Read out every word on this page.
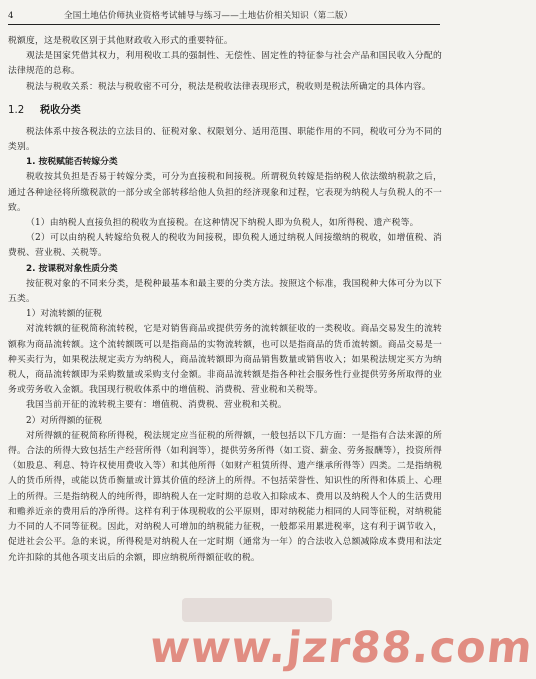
4	全国土地估价师执业资格考试辅导与练习——土地估价相关知识（第二版）

税额度，这是税收区别于其他财政收入形式的重要特征。

观法是国家凭借其权力，利用税收工具的强制性、无偿性、固定性的特征参与社会产品和国民收入分配的法律规范的总称。

税法与税收关系：税法与税收密不可分，税法是税收法律表现形式，税收则是税法所确定的具体内容。

1.2 税收分类

税法体系中按各税法的立法目的、征税对象、权限划分、适用范围、职能作用的不同，税收可分为不同的类别。

1. 按税赋能否转嫁分类

税收按其负担是否易于转嫁分类，可分为直接税和间接税。所谓税负转嫁是指纳税人依法缴纳税款之后，通过各种途径将所缴税款的一部分或全部转移给他人负担的经济现象和过程，它表现为纳税人与负税人的不一致。

（1）由纳税人直接负担的税收为直接税。在这种情况下纳税人即为负税人，如所得税、遗产税等。

（2）可以由纳税人转嫁给负税人的税收为间接税，即负税人通过纳税人间接缴纳的税收，如增值税、消费税、营业税、关税等。

2. 按课税对象性质分类

按征税对象的不同来分类，是税种最基本和最主要的分类方法。按照这个标准，我国税种大体可分为以下五类。

1）对流转额的征税

对流转额的征税简称流转税，它是对销售商品或提供劳务的流转额征收的一类税收。商品交易发生的流转额称为商品流转额。这个流转额既可以是指商品的实物流转额，也可以是指商品的货币流转额。商品交易是一种买卖行为，如果税法规定卖方为纳税人，商品流转额即为商品销售数量或销售收入；如果税法规定买方为纳税人，商品流转额即为采购数量或采购支付金额。非商品流转额是指各种社会服务性行业提供劳务所取得的业务或劳务收入金额。我国现行税收体系中的增值税、消费税、营业税和关税等。

我国当前开征的流转税主要有：增值税、消费税、营业税和关税。

2）对所得额的征税

对所得额的征税简称所得税，税法规定应当征税的所得额，一般包括以下几方面：一是指有合法来源的所得。合法的所得大致包括生产经营所得（如利润等），提供劳务所得（如工资、薪金、劳务报酬等），投资所得（如股息、利息、特许权使用费收入等）和其他所得（如财产租赁所得、遗产继承所得等）四类。二是指纳税人的货币所得，或能以货币衡量或计算其价值的经济上的所得。不包括荣誉性、知识性的所得和体质上、心理上的所得。三是指纳税人的纯所得，即纳税人在一定时期的总收入扣除成本、费用以及纳税人个人的生活费用和赡养近亲的费用后的净所得。这样有利于体现税收的公平原则，即对纳税能力相同的人同等征税，对纳税能力不同的人不同等征税。因此，对纳税人可增加的纳税能力征税，一般都采用累进税率，这有利于调节收入，促进社会公平。急的来说，所得税是对纳税人在一定时期（通常为一年）的合法收入总额减除成本费用和法定允许扣除的其他各项支出后的余额，即应纳税所得额征收的税。

www.jzr88.com
